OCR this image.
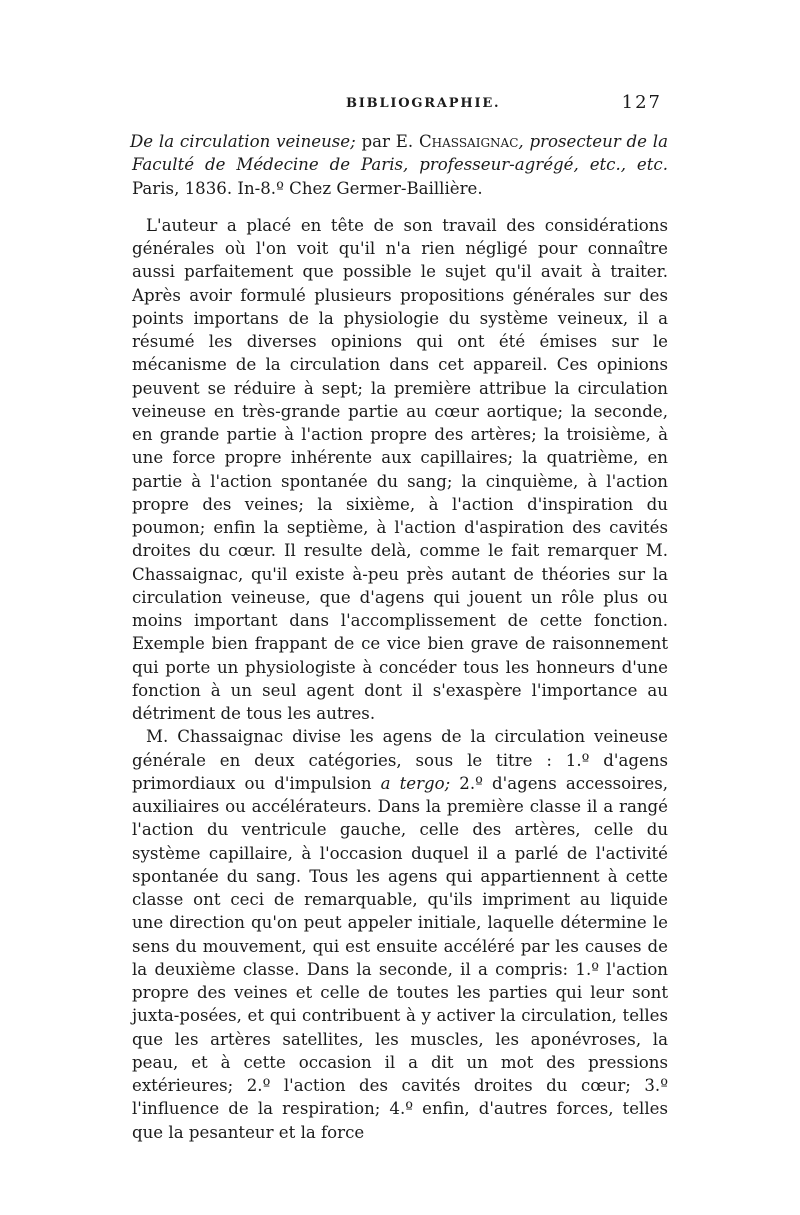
BIBLIOGRAPHIE.	127
De la circulation veineuse; par E. Chassaignac, prosecteur de la Faculté de Médecine de Paris, professeur-agrégé, etc., etc. Paris, 1836. In-8.º Chez Germer-Baillière.

L'auteur a placé en tête de son travail des considérations générales où l'on voit qu'il n'a rien négligé pour connaître aussi parfaitement que possible le sujet qu'il avait à traiter. Après avoir formulé plusieurs propositions générales sur des points importans de la physiologie du système veineux, il a résumé les diverses opinions qui ont été émises sur le mécanisme de la circulation dans cet appareil. Ces opinions peuvent se réduire à sept; la première attribue la circulation veineuse en très-grande partie au cœur aortique; la seconde, en grande partie à l'action propre des artères; la troisième, à une force propre inhérente aux capillaires; la quatrième, en partie à l'action spontanée du sang; la cinquième, à l'action propre des veines; la sixième, à l'action d'inspiration du poumon; enfin la septième, à l'action d'aspiration des cavités droites du cœur. Il resulte delà, comme le fait remarquer M. Chassaignac, qu'il existe à-peu près autant de théories sur la circulation veineuse, que d'agens qui jouent un rôle plus ou moins important dans l'accomplissement de cette fonction. Exemple bien frappant de ce vice bien grave de raisonnement qui porte un physiologiste à concéder tous les honneurs d'une fonction à un seul agent dont il s'exaspère l'importance au détriment de tous les autres.

M. Chassaignac divise les agens de la circulation veineuse générale en deux catégories, sous le titre : 1.º d'agens primordiaux ou d'impulsion a tergo; 2.º d'agens accessoires, auxiliaires ou accélérateurs. Dans la première classe il a rangé l'action du ventricule gauche, celle des artères, celle du système capillaire, à l'occasion duquel il a parlé de l'activité spontanée du sang. Tous les agens qui appartiennent à cette classe ont ceci de remarquable, qu'ils impriment au liquide une direction qu'on peut appeler initiale, laquelle détermine le sens du mouvement, qui est ensuite accéléré par les causes de la deuxième classe. Dans la seconde, il a compris: 1.º l'action propre des veines et celle de toutes les parties qui leur sont juxta-posées, et qui contribuent à y activer la circulation, telles que les artères satellites, les muscles, les aponévroses, la peau, et à cette occasion il a dit un mot des pressions extérieures; 2.º l'action des cavités droites du cœur; 3.º l'influence de la respiration; 4.º enfin, d'autres forces, telles que la pesanteur et la force
